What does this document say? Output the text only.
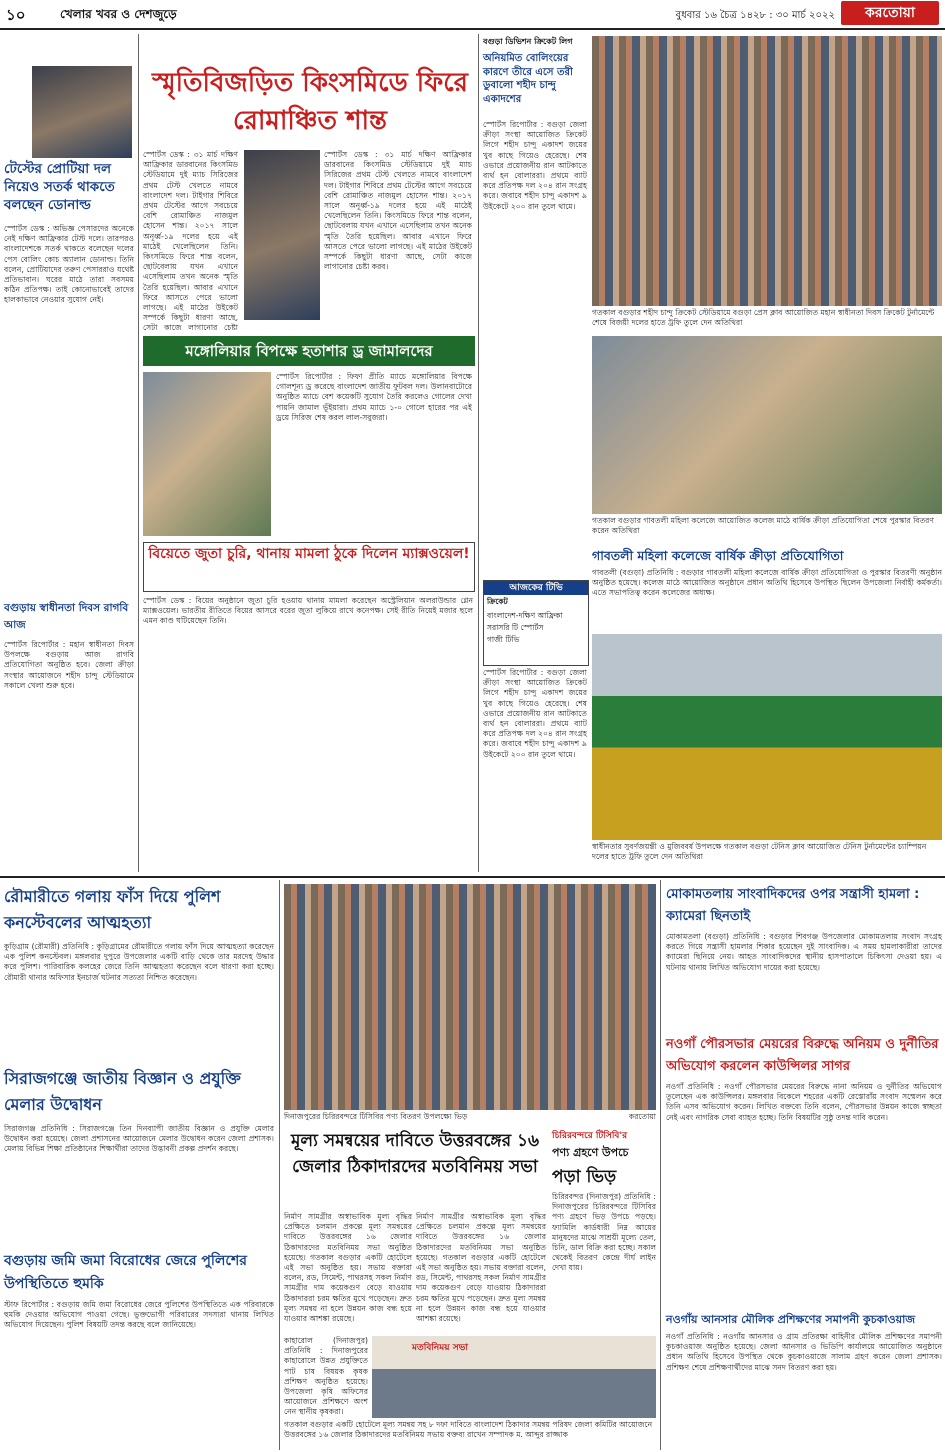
১০	খেলার খবর ও দেশজুড়ে	বুধবার ১৬ চৈত্র ১৪২৮ : ৩০ মার্চ ২০২২	করতোয়া
টেস্টের প্রোটিয়া দল নিয়েও সতর্ক থাকতে বলছেন ডোনাল্ড
স্পোর্টস ডেস্ক : অভিজ্ঞ পেসারদের অনেকে নেই দক্ষিণ আফ্রিকার টেস্ট দলে। তারপরও বাংলাদেশকে সতর্ক থাকতে বলেছেন দলের পেস বোলিং কোচ অ্যালান ডোনাল্ড। তিনি বলেন, প্রোটিয়াদের তরুণ পেসাররাও যথেষ্ট প্রতিভাবান। ঘরের মাঠে তারা সবসময় কঠিন প্রতিপক্ষ। তাই কোনোভাবেই তাদের হালকাভাবে নেওয়ার সুযোগ নেই।
স্মৃতিবিজড়িত কিংসমিডে ফিরে রোমাঞ্চিত শান্ত
স্পোর্টস ডেস্ক : ৩১ মার্চ দক্ষিণ আফ্রিকার ডারবানের কিংসমিড স্টেডিয়ামে দুই ম্যাচ সিরিজের প্রথম টেস্ট খেলতে নামবে বাংলাদেশ দল। টাইগার শিবিরে প্রথম টেস্টের আগে সবচেয়ে বেশি রোমাঞ্চিত নাজমুল হোসেন শান্ত। ২০১৭ সালে অনূর্ধ্ব-১৯ দলের হয়ে এই মাঠেই খেলেছিলেন তিনি। কিংসমিডে ফিরে শান্ত বলেন, ছোটবেলায় যখন এখানে এসেছিলাম তখন অনেক স্মৃতি তৈরি হয়েছিল। আবার এখানে ফিরে আসতে পেরে ভালো লাগছে। এই মাঠের উইকেট সম্পর্কে কিছুটা ধারণা আছে, সেটা কাজে লাগানোর চেষ্টা
স্পোর্টস ডেস্ক : ৩১ মার্চ দক্ষিণ আফ্রিকার ডারবানের কিংসমিড স্টেডিয়ামে দুই ম্যাচ সিরিজের প্রথম টেস্ট খেলতে নামবে বাংলাদেশ দল। টাইগার শিবিরে প্রথম টেস্টের আগে সবচেয়ে বেশি রোমাঞ্চিত নাজমুল হোসেন শান্ত। ২০১৭ সালে অনূর্ধ্ব-১৯ দলের হয়ে এই মাঠেই খেলেছিলেন তিনি। কিংসমিডে ফিরে শান্ত বলেন, ছোটবেলায় যখন এখানে এসেছিলাম তখন অনেক স্মৃতি তৈরি হয়েছিল। আবার এখানে ফিরে আসতে পেরে ভালো লাগছে। এই মাঠের উইকেট সম্পর্কে কিছুটা ধারণা আছে, সেটা কাজে লাগানোর চেষ্টা করব।
মঙ্গোলিয়ার বিপক্ষে হতাশার ড্র জামালদের
স্পোর্টস রিপোর্টার : ফিফা প্রীতি ম্যাচে মঙ্গোলিয়ার বিপক্ষে গোলশূন্য ড্র করেছে বাংলাদেশ জাতীয় ফুটবল দল। উলানবাটোরে অনুষ্ঠিত ম্যাচে বেশ কয়েকটি সুযোগ তৈরি করলেও গোলের দেখা পায়নি জামাল ভূঁইয়ারা। প্রথম ম্যাচে ১-০ গোলে হারের পর এই ড্রয়ে সিরিজ শেষ করল লাল-সবুজরা।
বিয়েতে জুতা চুরি, থানায় মামলা ঠুকে দিলেন ম্যাক্সওয়েল!
স্পোর্টস ডেস্ক : বিয়ের অনুষ্ঠানে জুতা চুরি হওয়ায় থানায় মামলা করেছেন অস্ট্রেলিয়ান অলরাউন্ডার গ্লেন ম্যাক্সওয়েল। ভারতীয় রীতিতে বিয়ের আসরে বরের জুতা লুকিয়ে রাখে কনেপক্ষ। সেই রীতি নিয়েই মজার ছলে এমন কাণ্ড ঘটিয়েছেন তিনি।
বগুড়ায় স্বাধীনতা দিবস রাগবি আজ
স্পোর্টস রিপোর্টার : মহান স্বাধীনতা দিবস উপলক্ষে বগুড়ায় আজ রাগবি প্রতিযোগিতা অনুষ্ঠিত হবে। জেলা ক্রীড়া সংস্থার আয়োজনে শহীদ চান্দু স্টেডিয়ামে সকালে খেলা শুরু হবে।
বগুড়া ডিভিশন ক্রিকেট লিগ
অনিয়মিত বোলিংয়ের কারণে তীরে এসে তরী ডুবালো শহীদ চান্দু একাদশের
স্পোর্টস রিপোর্টার : বগুড়া জেলা ক্রীড়া সংস্থা আয়োজিত ক্রিকেট লিগে শহীদ চান্দু একাদশ জয়ের খুব কাছে গিয়েও হেরেছে। শেষ ওভারে প্রয়োজনীয় রান আটকাতে ব্যর্থ হন বোলাররা। প্রথমে ব্যাট করে প্রতিপক্ষ দল ২০৪ রান সংগ্রহ করে। জবাবে শহীদ চান্দু একাদশ ৯ উইকেটে ২০০ রান তুলে থামে।
গতকাল বগুড়ার শহীদ চান্দু ক্রিকেট স্টেডিয়ামে বগুড়া প্রেস ক্লাব আয়োজিত মহান স্বাধীনতা দিবস ক্রিকেট টুর্নামেন্টে শেষে বিজয়ী দলের হাতে ট্রফি তুলে দেন অতিথিরা
গতকাল বগুড়ার গাবতলী মহিলা কলেজে আয়োজিত কলেজ মাঠে বার্ষিক ক্রীড়া প্রতিযোগিতা শেষে পুরস্কার বিতরণ করেন অতিথিরা
আজকের টিভি
ক্রিকেট
বাংলাদেশ-দক্ষিণ আফ্রিকা
সরাসরি টি স্পোর্টস
গাজী টিভি
গাবতলী মহিলা কলেজে বার্ষিক ক্রীড়া প্রতিযোগিতা
গাবতলী (বগুড়া) প্রতিনিধি : বগুড়ার গাবতলী মহিলা কলেজে বার্ষিক ক্রীড়া প্রতিযোগিতা ও পুরস্কার বিতরণী অনুষ্ঠান অনুষ্ঠিত হয়েছে। কলেজ মাঠে আয়োজিত অনুষ্ঠানে প্রধান অতিথি হিসেবে উপস্থিত ছিলেন উপজেলা নির্বাহী কর্মকর্তা। এতে সভাপতিত্ব করেন কলেজের অধ্যক্ষ।
স্বাধীনতার সুবর্ণজয়ন্তী ও মুজিববর্ষ উপলক্ষে গতকাল বগুড়া টেনিস ক্লাব আয়োজিত টেনিস টুর্নামেন্টের চ্যাম্পিয়ন দলের হাতে ট্রফি তুলে দেন অতিথিরা
স্পোর্টস রিপোর্টার : বগুড়া জেলা ক্রীড়া সংস্থা আয়োজিত ক্রিকেট লিগে শহীদ চান্দু একাদশ জয়ের খুব কাছে গিয়েও হেরেছে। শেষ ওভারে প্রয়োজনীয় রান আটকাতে ব্যর্থ হন বোলাররা। প্রথমে ব্যাট করে প্রতিপক্ষ দল ২০৪ রান সংগ্রহ করে। জবাবে শহীদ চান্দু একাদশ ৯ উইকেটে ২০০ রান তুলে থামে।
রৌমারীতে গলায় ফাঁস দিয়ে পুলিশ কনস্টেবলের আত্মহত্যা
কুড়িগ্রাম (রৌমারী) প্রতিনিধি : কুড়িগ্রামের রৌমারীতে গলায় ফাঁস দিয়ে আত্মহত্যা করেছেন এক পুলিশ কনস্টেবল। মঙ্গলবার দুপুরে উপজেলার একটি বাড়ি থেকে তার মরদেহ উদ্ধার করে পুলিশ। পারিবারিক কলহের জেরে তিনি আত্মহত্যা করেছেন বলে ধারণা করা হচ্ছে। রৌমারী থানার অফিসার ইনচার্জ ঘটনার সত্যতা নিশ্চিত করেছেন।
সিরাজগঞ্জে জাতীয় বিজ্ঞান ও প্রযুক্তি মেলার উদ্বোধন
সিরাজগঞ্জ প্রতিনিধি : সিরাজগঞ্জে তিন দিনব্যাপী জাতীয় বিজ্ঞান ও প্রযুক্তি মেলার উদ্বোধন করা হয়েছে। জেলা প্রশাসনের আয়োজনে মেলার উদ্বোধন করেন জেলা প্রশাসক। মেলায় বিভিন্ন শিক্ষা প্রতিষ্ঠানের শিক্ষার্থীরা তাদের উদ্ভাবনী প্রকল্প প্রদর্শন করছে।
বগুড়ায় জমি জমা বিরোধের জেরে পুলিশের উপস্থিতিতে হুমকি
স্টাফ রিপোর্টার : বগুড়ায় জমি জমা বিরোধের জেরে পুলিশের উপস্থিতিতে এক পরিবারকে হুমকি দেওয়ার অভিযোগ পাওয়া গেছে। ভুক্তভোগী পরিবারের সদস্যরা থানায় লিখিত অভিযোগ দিয়েছেন। পুলিশ বিষয়টি তদন্ত করছে বলে জানিয়েছে।
দিনাজপুরের চিরিরবন্দরে টিসিবির পণ্য বিতরণ উপলক্ষ্যে ভিড়	করতোয়া
মূল্য সমন্বয়ের দাবিতে উত্তরবঙ্গের ১৬ জেলার ঠিকাদারদের মতবিনিময় সভা
নির্মাণ সামগ্রীর অস্বাভাবিক মূল্য বৃদ্ধির প্রেক্ষিতে চলমান প্রকল্পে মূল্য সমন্বয়ের দাবিতে উত্তরবঙ্গের ১৬ জেলার ঠিকাদারদের মতবিনিময় সভা অনুষ্ঠিত হয়েছে। গতকাল বগুড়ার একটি হোটেলে এই সভা অনুষ্ঠিত হয়। সভায় বক্তারা বলেন, রড, সিমেন্ট, পাথরসহ সকল নির্মাণ সামগ্রীর দাম কয়েকগুণ বেড়ে যাওয়ায় ঠিকাদাররা চরম ক্ষতির মুখে পড়েছেন। দ্রুত মূল্য সমন্বয় না হলে উন্নয়ন কাজ বন্ধ হয়ে যাওয়ার আশঙ্কা রয়েছে।
নির্মাণ সামগ্রীর অস্বাভাবিক মূল্য বৃদ্ধির প্রেক্ষিতে চলমান প্রকল্পে মূল্য সমন্বয়ের দাবিতে উত্তরবঙ্গের ১৬ জেলার ঠিকাদারদের মতবিনিময় সভা অনুষ্ঠিত হয়েছে। গতকাল বগুড়ার একটি হোটেলে এই সভা অনুষ্ঠিত হয়। সভায় বক্তারা বলেন, রড, সিমেন্ট, পাথরসহ সকল নির্মাণ সামগ্রীর দাম কয়েকগুণ বেড়ে যাওয়ায় ঠিকাদাররা চরম ক্ষতির মুখে পড়েছেন। দ্রুত মূল্য সমন্বয় না হলে উন্নয়ন কাজ বন্ধ হয়ে যাওয়ার আশঙ্কা রয়েছে।
চিরিরবন্দরে টিসিবি'র
পণ্য গ্রহণে উপচে
পড়া ভিড়
চিরিরবন্দর (দিনাজপুর) প্রতিনিধি : দিনাজপুরের চিরিরবন্দরে টিসিবির পণ্য গ্রহণে ভিড় উপচে পড়ছে। ফ্যামিলি কার্ডধারী নিম্ন আয়ের মানুষদের মাঝে সাশ্রয়ী মূল্যে তেল, চিনি, ডাল বিক্রি করা হচ্ছে। সকাল থেকেই বিতরণ কেন্দ্রে দীর্ঘ লাইন দেখা যায়।
মতবিনিময় সভা
কাহারোল (দিনাজপুর) প্রতিনিধি : দিনাজপুরের কাহারোলে উন্নত প্রযুক্তিতে পাট চাষ বিষয়ক কৃষক প্রশিক্ষণ অনুষ্ঠিত হয়েছে। উপজেলা কৃষি অফিসের আয়োজনে প্রশিক্ষণে অংশ নেন স্থানীয় কৃষকরা।
গতকাল বগুড়ার একটি হোটেলে মূল্য সমন্বয় সহ ৮ দফা দাবিতে বাংলাদেশ ঠিকাদার সমন্বয় পরিষদ জেলা কমিটির আয়োজনে উত্তরবঙ্গের ১৬ জেলার ঠিকাদারদের মতবিনিময় সভায় বক্তব্য রাখেন সম্পাদক ম. আব্দুর রাজ্জাক
মোকামতলায় সাংবাদিকদের ওপর সন্ত্রাসী হামলা : ক্যামেরা ছিনতাই
মোকামতলা (বগুড়া) প্রতিনিধি : বগুড়ার শিবগঞ্জ উপজেলার মোকামতলায় সংবাদ সংগ্রহ করতে গিয়ে সন্ত্রাসী হামলার শিকার হয়েছেন দুই সাংবাদিক। এ সময় হামলাকারীরা তাদের ক্যামেরা ছিনিয়ে নেয়। আহত সাংবাদিকদের স্থানীয় হাসপাতালে চিকিৎসা দেওয়া হয়। এ ঘটনায় থানায় লিখিত অভিযোগ দায়ের করা হয়েছে।
নওগাঁ পৌরসভার মেয়রের বিরুদ্ধে অনিয়ম ও দুর্নীতির অভিযোগ করলেন কাউন্সিলর সাগর
নওগাঁ প্রতিনিধি : নওগাঁ পৌরসভার মেয়রের বিরুদ্ধে নানা অনিয়ম ও দুর্নীতির অভিযোগ তুলেছেন এক কাউন্সিলর। মঙ্গলবার বিকেলে শহরের একটি রেস্তোরাঁয় সংবাদ সম্মেলন করে তিনি এসব অভিযোগ করেন। লিখিত বক্তব্যে তিনি বলেন, পৌরসভার উন্নয়ন কাজে স্বচ্ছতা নেই এবং নাগরিক সেবা ব্যাহত হচ্ছে। তিনি বিষয়টির সুষ্ঠু তদন্ত দাবি করেন।
নওগাঁয় আনসার মৌলিক প্রশিক্ষণের সমাপনী কুচকাওয়াজ
নওগাঁ প্রতিনিধি : নওগাঁয় আনসার ও গ্রাম প্রতিরক্ষা বাহিনীর মৌলিক প্রশিক্ষণের সমাপনী কুচকাওয়াজ অনুষ্ঠিত হয়েছে। জেলা আনসার ও ভিডিপি কার্যালয়ে আয়োজিত অনুষ্ঠানে প্রধান অতিথি হিসেবে উপস্থিত থেকে কুচকাওয়াজে সালাম গ্রহণ করেন জেলা প্রশাসক। প্রশিক্ষণ শেষে প্রশিক্ষণার্থীদের মাঝে সনদ বিতরণ করা হয়।
